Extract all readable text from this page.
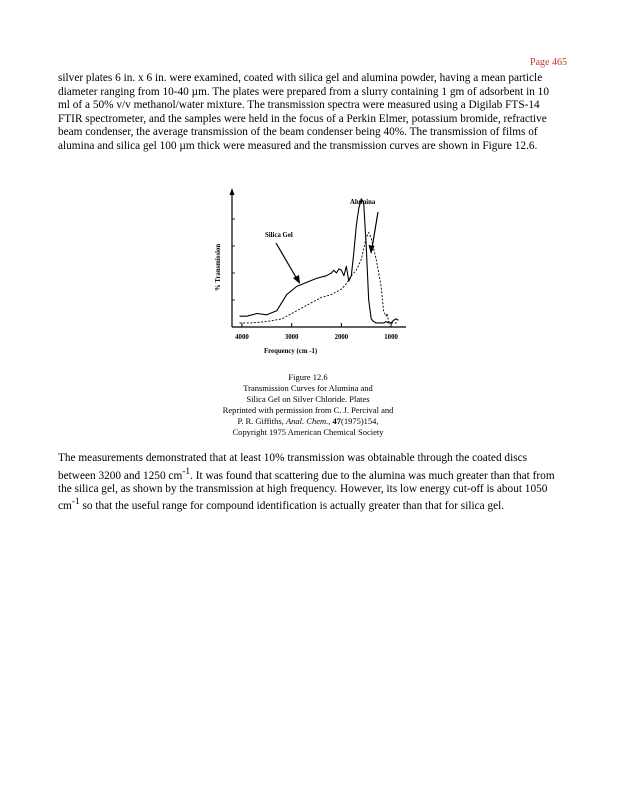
Page 465

silver plates 6 in. x 6 in. were examined, coated with silica gel and alumina powder, having a mean particle diameter ranging from 10-40 µm. The plates were prepared from a slurry containing 1 gm of adsorbent in 10 ml of a 50% v/v methanol/water mixture. The transmission spectra were measured using a Digilab FTS-14 FTIR spectrometer, and the samples were held in the focus of a Perkin Elmer, potassium bromide, refractive beam condenser, the average transmission of the beam condenser being 40%. The transmission of films of alumina and silica gel 100 µm thick were measured and the transmission curves are shown in Figure 12.6.

% Transmission
Frequency (cm -1)
4000	3000	2000	1000
Silica Gel
Alumina
Figure 12.6
Transmission Curves for Alumina and
Silica Gel on Silver Chloride. Plates
Reprinted with permission from C. J. Percival and
P. R. Giffiths, Anal. Chem., 47(1975)154,
Copyright 1975 American Chemical Society

The measurements demonstrated that at least 10% transmission was obtainable through the coated discs between 3200 and 1250 $cm^{-1}$. It was found that scattering due to the alumina was much greater than that from the silica gel, as shown by the transmission at high frequency. However, its low energy cut-off is about 1050 $cm^{-1}$ so that the useful range for compound identification is actually greater than that for silica gel.
